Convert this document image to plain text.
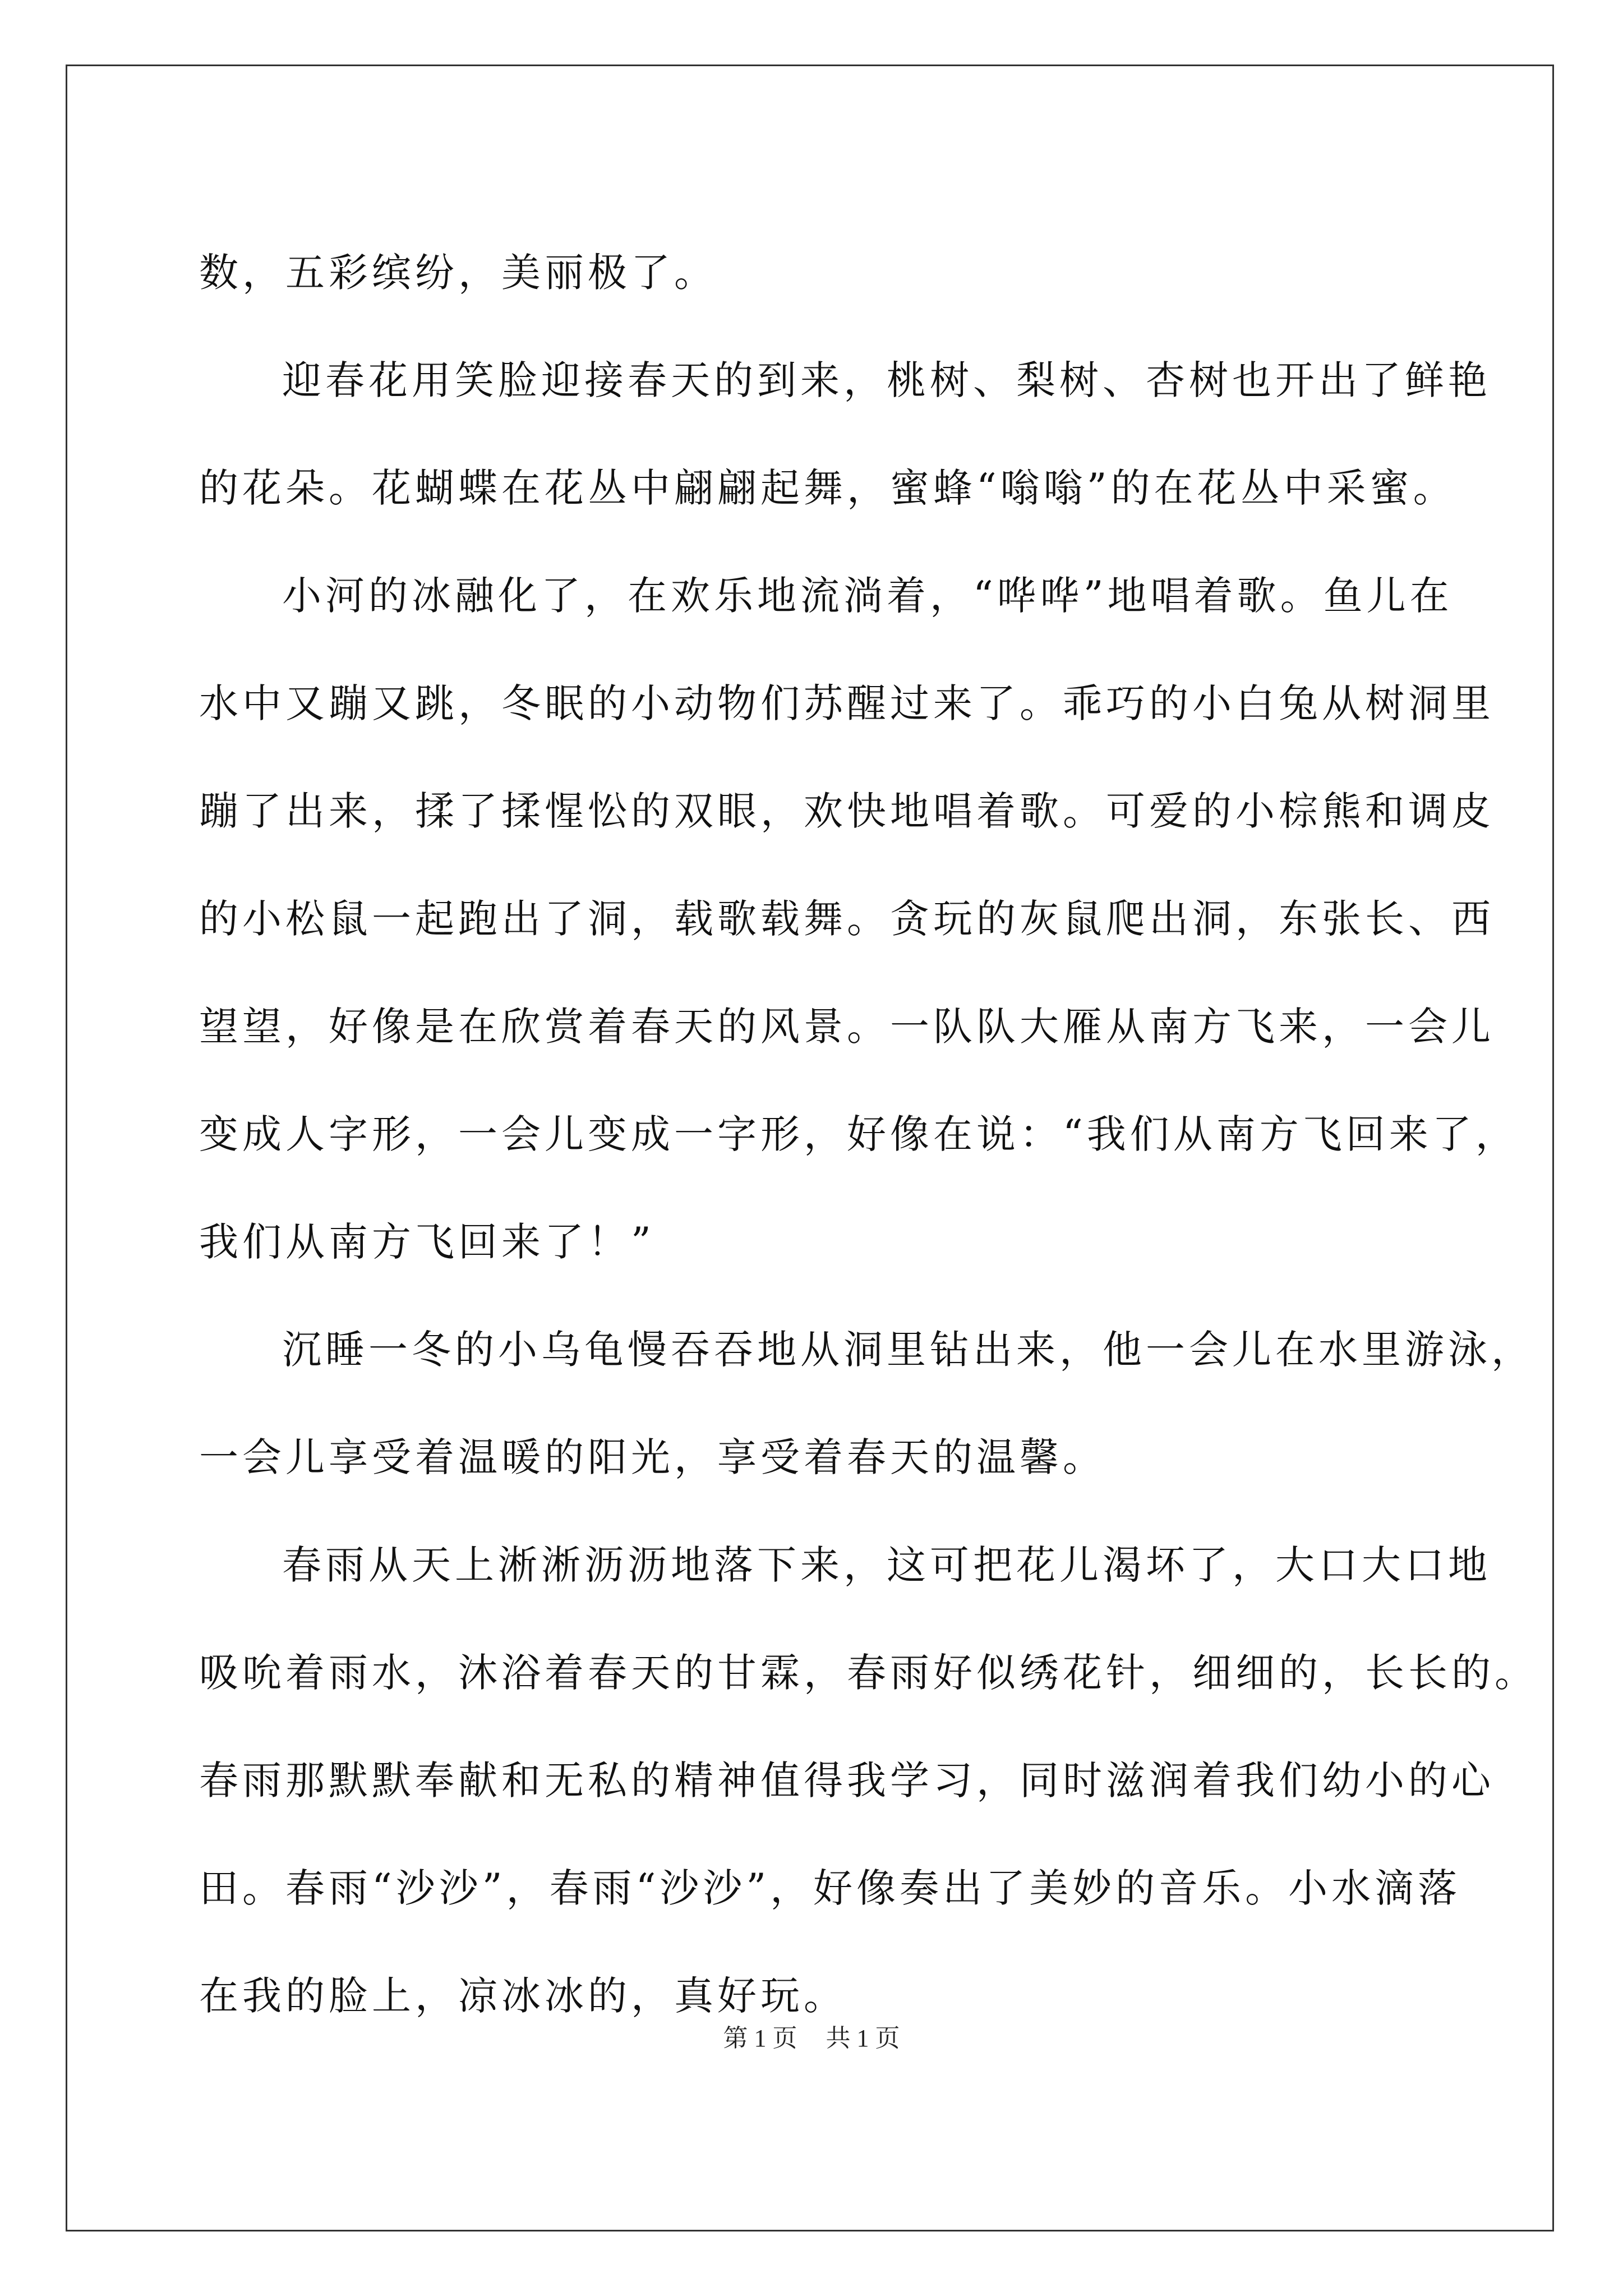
数，五彩缤纷，美丽极了。
迎春花用笑脸迎接春天的到来，桃树、梨树、杏树也开出了鲜艳
的花朵。花蝴蝶在花丛中翩翩起舞，蜜蜂“嗡嗡”的在花丛中采蜜。
小河的冰融化了，在欢乐地流淌着，“哗哗”地唱着歌。鱼儿在
水中又蹦又跳，冬眠的小动物们苏醒过来了。乖巧的小白兔从树洞里
蹦了出来，揉了揉惺忪的双眼，欢快地唱着歌。可爱的小棕熊和调皮
的小松鼠一起跑出了洞，载歌载舞。贪玩的灰鼠爬出洞，东张长、西
望望，好像是在欣赏着春天的风景。一队队大雁从南方飞来，一会儿
变成人字形，一会儿变成一字形，好像在说：“我们从南方飞回来了，
我们从南方飞回来了！”
沉睡一冬的小乌龟慢吞吞地从洞里钻出来，他一会儿在水里游泳，
一会儿享受着温暖的阳光，享受着春天的温馨。
春雨从天上淅淅沥沥地落下来，这可把花儿渴坏了，大口大口地
吸吮着雨水，沐浴着春天的甘霖，春雨好似绣花针，细细的，长长的。
春雨那默默奉献和无私的精神值得我学习，同时滋润着我们幼小的心
田。春雨“沙沙”，春雨“沙沙”，好像奏出了美妙的音乐。小水滴落
在我的脸上，凉冰冰的，真好玩。
第 1 页 共 1 页
